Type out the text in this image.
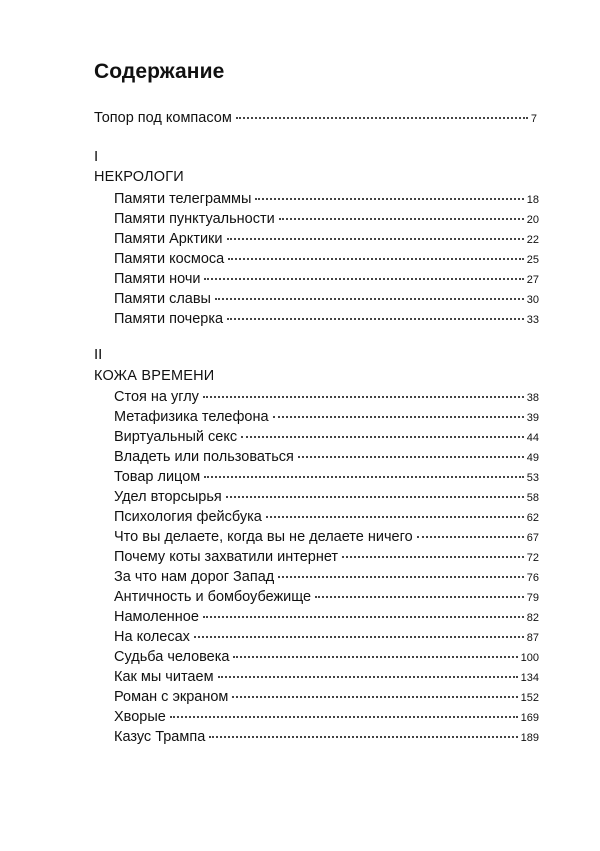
Содержание
Топор под компасом	7
I
НЕКРОЛОГИ
Памяти телеграммы	18
Памяти пунктуальности	20
Памяти Арктики	22
Памяти космоса	25
Памяти ночи	27
Памяти славы	30
Памяти почерка	33
II
КОЖА ВРЕМЕНИ
Стоя на углу	38
Метафизика телефона	39
Виртуальный секс	44
Владеть или пользоваться	49
Товар лицом	53
Удел вторсырья	58
Психология фейсбука	62
Что вы делаете, когда вы не делаете ничего	67
Почему коты захватили интернет	72
За что нам дорог Запад	76
Античность и бомбоубежище	79
Намоленное	82
На колесах	87
Судьба человека	100
Как мы читаем	134
Роман с экраном	152
Хворые	169
Казус Трампа	189
